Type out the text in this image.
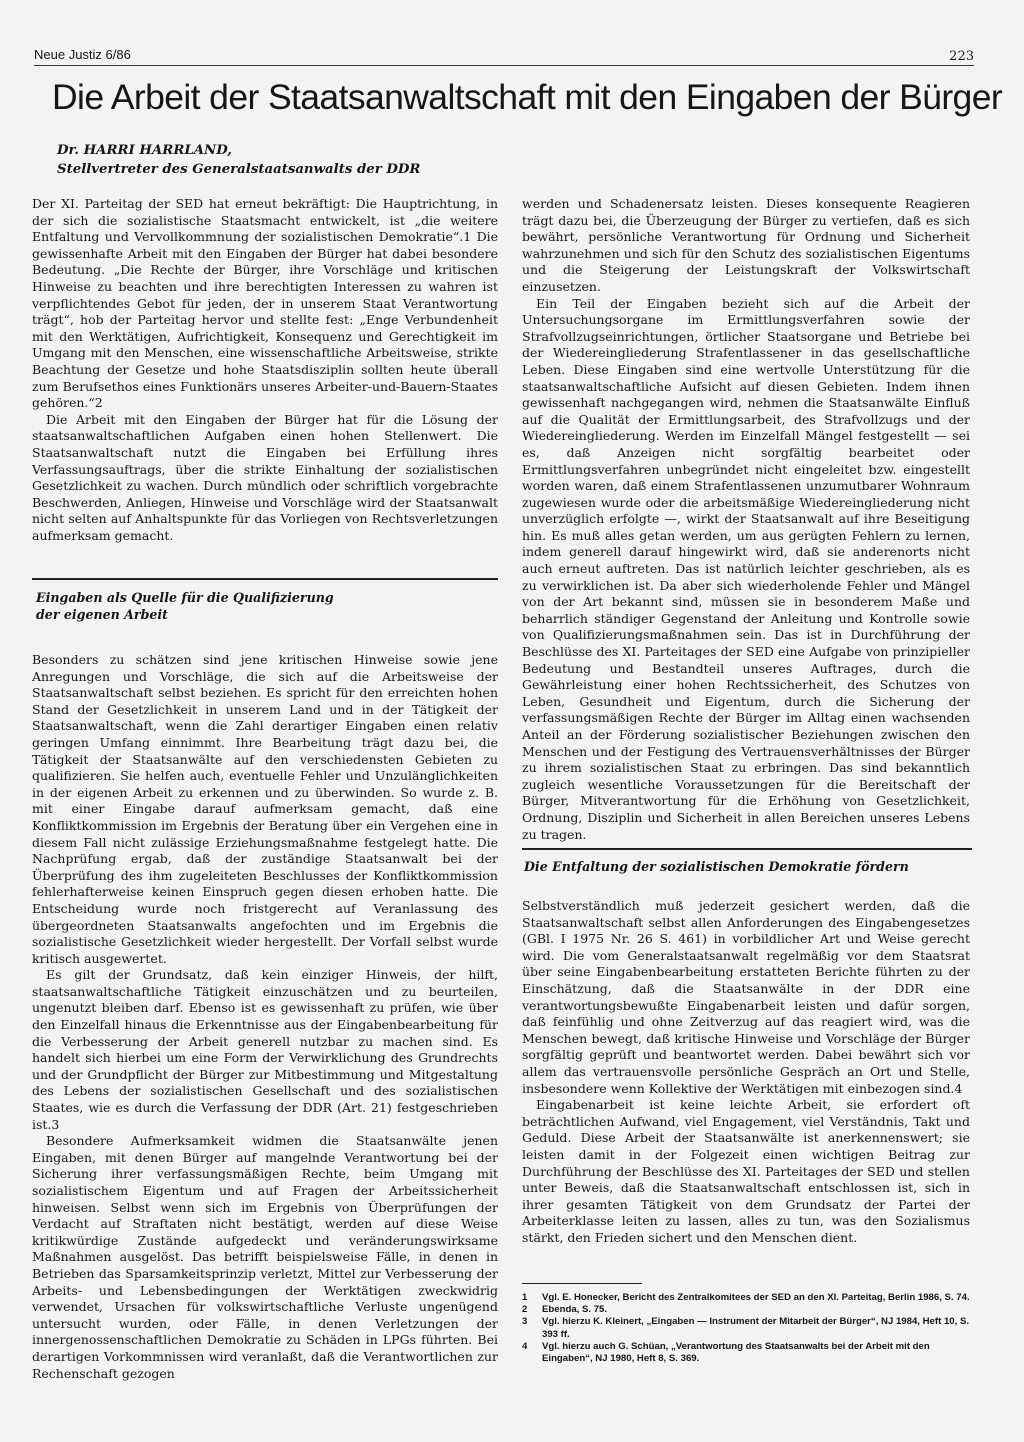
Neue Justiz 6/86	223
Die Arbeit der Staatsanwaltschaft mit den Eingaben der Bürger
Dr. HARRI HARRLAND,
Stellvertreter des Generalstaatsanwalts der DDR

Der XI. Parteitag der SED hat erneut bekräftigt: Die Hauptrichtung, in der sich die sozialistische Staatsmacht entwickelt, ist „die weitere Entfaltung und Vervollkommnung der sozialistischen Demokratie“.1 Die gewissenhafte Arbeit mit den Eingaben der Bürger hat dabei besondere Bedeutung. „Die Rechte der Bürger, ihre Vorschläge und kritischen Hinweise zu beachten und ihre berechtigten Interessen zu wahren ist verpflichtendes Gebot für jeden, der in unserem Staat Verantwortung trägt“, hob der Parteitag hervor und stellte fest: „Enge Verbundenheit mit den Werktätigen, Aufrichtigkeit, Konsequenz und Gerechtigkeit im Umgang mit den Menschen, eine wissenschaftliche Arbeitsweise, strikte Beachtung der Gesetze und hohe Staatsdisziplin sollten heute überall zum Berufsethos eines Funktionärs unseres Arbeiter-und-Bauern-Staates gehören.“2

Die Arbeit mit den Eingaben der Bürger hat für die Lösung der staatsanwaltschaftlichen Aufgaben einen hohen Stellenwert. Die Staatsanwaltschaft nutzt die Eingaben bei Erfüllung ihres Verfassungsauftrags, über die strikte Einhaltung der sozialistischen Gesetzlichkeit zu wachen. Durch mündlich oder schriftlich vorgebrachte Beschwerden, Anliegen, Hinweise und Vorschläge wird der Staatsanwalt nicht selten auf Anhaltspunkte für das Vorliegen von Rechtsverletzungen aufmerksam gemacht.

Eingaben als Quelle für die Qualifizierung
der eigenen Arbeit

Besonders zu schätzen sind jene kritischen Hinweise sowie jene Anregungen und Vorschläge, die sich auf die Arbeitsweise der Staatsanwaltschaft selbst beziehen. Es spricht für den erreichten hohen Stand der Gesetzlichkeit in unserem Land und in der Tätigkeit der Staatsanwaltschaft, wenn die Zahl derartiger Eingaben einen relativ geringen Umfang einnimmt. Ihre Bearbeitung trägt dazu bei, die Tätigkeit der Staatsanwälte auf den verschiedensten Gebieten zu qualifizieren. Sie helfen auch, eventuelle Fehler und Unzulänglichkeiten in der eigenen Arbeit zu erkennen und zu überwinden. So wurde z. B. mit einer Eingabe darauf aufmerksam gemacht, daß eine Konfliktkommission im Ergebnis der Beratung über ein Vergehen eine in diesem Fall nicht zulässige Erziehungsmaßnahme festgelegt hatte. Die Nachprüfung ergab, daß der zuständige Staatsanwalt bei der Überprüfung des ihm zugeleiteten Beschlusses der Konfliktkommission fehlerhafterweise keinen Einspruch gegen diesen erhoben hatte. Die Entscheidung wurde noch fristgerecht auf Veranlassung des übergeordneten Staatsanwalts angefochten und im Ergebnis die sozialistische Gesetzlichkeit wieder hergestellt. Der Vorfall selbst wurde kritisch ausgewertet.

Es gilt der Grundsatz, daß kein einziger Hinweis, der hilft, staatsanwaltschaftliche Tätigkeit einzuschätzen und zu beurteilen, ungenutzt bleiben darf. Ebenso ist es gewissenhaft zu prüfen, wie über den Einzelfall hinaus die Erkenntnisse aus der Eingabenbearbeitung für die Verbesserung der Arbeit generell nutzbar zu machen sind. Es handelt sich hierbei um eine Form der Verwirklichung des Grundrechts und der Grundpflicht der Bürger zur Mitbestimmung und Mitgestaltung des Lebens der sozialistischen Gesellschaft und des sozialistischen Staates, wie es durch die Verfassung der DDR (Art. 21) festgeschrieben ist.3

Besondere Aufmerksamkeit widmen die Staatsanwälte jenen Eingaben, mit denen Bürger auf mangelnde Verantwortung bei der Sicherung ihrer verfassungsmäßigen Rechte, beim Umgang mit sozialistischem Eigentum und auf Fragen der Arbeitssicherheit hinweisen. Selbst wenn sich im Ergebnis von Überprüfungen der Verdacht auf Straftaten nicht bestätigt, werden auf diese Weise kritikwürdige Zustände aufgedeckt und veränderungswirksame Maßnahmen ausgelöst. Das betrifft beispielsweise Fälle, in denen in Betrieben das Sparsamkeitsprinzip verletzt, Mittel zur Verbesserung der Arbeits- und Lebensbedingungen der Werktätigen zweckwidrig verwendet, Ursachen für volkswirtschaftliche Verluste ungenügend untersucht wurden, oder Fälle, in denen Verletzungen der innergenossenschaftlichen Demokratie zu Schäden in LPGs führten. Bei derartigen Vorkommnissen wird veranlaßt, daß die Verantwortlichen zur Rechenschaft gezogen

werden und Schadenersatz leisten. Dieses konsequente Reagieren trägt dazu bei, die Überzeugung der Bürger zu vertiefen, daß es sich bewährt, persönliche Verantwortung für Ordnung und Sicherheit wahrzunehmen und sich für den Schutz des sozialistischen Eigentums und die Steigerung der Leistungskraft der Volkswirtschaft einzusetzen.

Ein Teil der Eingaben bezieht sich auf die Arbeit der Untersuchungsorgane im Ermittlungsverfahren sowie der Strafvollzugseinrichtungen, örtlicher Staatsorgane und Betriebe bei der Wiedereingliederung Strafentlassener in das gesellschaftliche Leben. Diese Eingaben sind eine wertvolle Unterstützung für die staatsanwaltschaftliche Aufsicht auf diesen Gebieten. Indem ihnen gewissenhaft nachgegangen wird, nehmen die Staatsanwälte Einfluß auf die Qualität der Ermittlungsarbeit, des Strafvollzugs und der Wiedereingliederung. Werden im Einzelfall Mängel festgestellt — sei es, daß Anzeigen nicht sorgfältig bearbeitet oder Ermittlungsverfahren unbegründet nicht eingeleitet bzw. eingestellt worden waren, daß einem Strafentlassenen unzumutbarer Wohnraum zugewiesen wurde oder die arbeitsmäßige Wiedereingliederung nicht unverzüglich erfolgte —, wirkt der Staatsanwalt auf ihre Beseitigung hin. Es muß alles getan werden, um aus gerügten Fehlern zu lernen, indem generell darauf hingewirkt wird, daß sie anderenorts nicht auch erneut auftreten. Das ist natürlich leichter geschrieben, als es zu verwirklichen ist. Da aber sich wiederholende Fehler und Mängel von der Art bekannt sind, müssen sie in besonderem Maße und beharrlich ständiger Gegenstand der Anleitung und Kontrolle sowie von Qualifizierungsmaßnahmen sein. Das ist in Durchführung der Beschlüsse des XI. Parteitages der SED eine Aufgabe von prinzipieller Bedeutung und Bestandteil unseres Auftrages, durch die Gewährleistung einer hohen Rechtssicherheit, des Schutzes von Leben, Gesundheit und Eigentum, durch die Sicherung der verfassungsmäßigen Rechte der Bürger im Alltag einen wachsenden Anteil an der Förderung sozialistischer Beziehungen zwischen den Menschen und der Festigung des Vertrauensverhältnisses der Bürger zu ihrem sozialistischen Staat zu erbringen. Das sind bekanntlich zugleich wesentliche Voraussetzungen für die Bereitschaft der Bürger, Mitverantwortung für die Erhöhung von Gesetzlichkeit, Ordnung, Disziplin und Sicherheit in allen Bereichen unseres Lebens zu tragen.

Die Entfaltung der sozialistischen Demokratie fördern

Selbstverständlich muß jederzeit gesichert werden, daß die Staatsanwaltschaft selbst allen Anforderungen des Eingabengesetzes (GBl. I 1975 Nr. 26 S. 461) in vorbildlicher Art und Weise gerecht wird. Die vom Generalstaatsanwalt regelmäßig vor dem Staatsrat über seine Eingabenbearbeitung erstatteten Berichte führten zu der Einschätzung, daß die Staatsanwälte in der DDR eine verantwortungsbewußte Eingabenarbeit leisten und dafür sorgen, daß feinfühlig und ohne Zeitverzug auf das reagiert wird, was die Menschen bewegt, daß kritische Hinweise und Vorschläge der Bürger sorgfältig geprüft und beantwortet werden. Dabei bewährt sich vor allem das vertrauensvolle persönliche Gespräch an Ort und Stelle, insbesondere wenn Kollektive der Werktätigen mit einbezogen sind.4

Eingabenarbeit ist keine leichte Arbeit, sie erfordert oft beträchtlichen Aufwand, viel Engagement, viel Verständnis, Takt und Geduld. Diese Arbeit der Staatsanwälte ist anerkennenswert; sie leisten damit in der Folgezeit einen wichtigen Beitrag zur Durchführung der Beschlüsse des XI. Parteitages der SED und stellen unter Beweis, daß die Staatsanwaltschaft entschlossen ist, sich in ihrer gesamten Tätigkeit von dem Grundsatz der Partei der Arbeiterklasse leiten zu lassen, alles zu tun, was den Sozialismus stärkt, den Frieden sichert und den Menschen dient.

1	Vgl. E. Honecker, Bericht des Zentralkomitees der SED an den XI. Parteitag, Berlin 1986, S. 74.
2	Ebenda, S. 75.
3	Vgl. hierzu K. Kleinert, „Eingaben — Instrument der Mitarbeit der Bürger“, NJ 1984, Heft 10, S. 393 ff.
4	Vgl. hierzu auch G. Schüan, „Verantwortung des Staatsanwalts bei der Arbeit mit den Eingaben“, NJ 1980, Heft 8, S. 369.
